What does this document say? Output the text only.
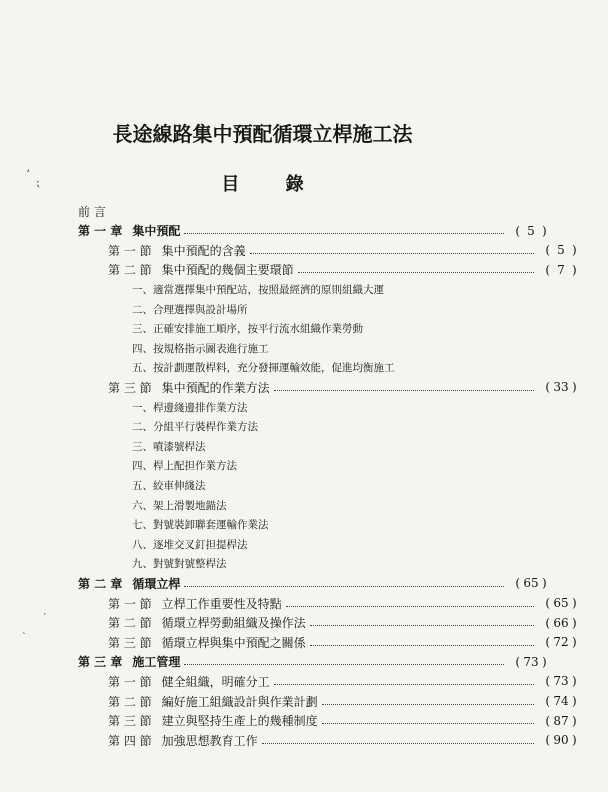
長途線路集中預配循環立桿施工法
目	錄
ʼ
⁏
˙
˴
前 言
第 一 章 集中預配	( 5 )
第 一 節 集中預配的含義	( 5 )
第 二 節 集中預配的幾個主要環節	( 7 )
一、 適當選擇集中預配站，按照最經濟的原則組織大運
二、 合理選擇與設計場所
三、 正確安排施工順序，按平行流水組織作業勞動
四、 按規格指示圖表進行施工
五、 按計劃運散桿料，充分發揮運輸效能，促進均衡施工
第 三 節 集中預配的作業方法	( 33 )
一、 桿邊綫邊排作業方法
二、 分組平行裝桿作業方法
三、 噴漆號桿法
四、 桿上配担作業方法
五、 絞車伸綫法
六、 架上滑製地錨法
七、 對號裝卸聯套運輸作業法
八、 逐堆交叉釘担提桿法
九、 對號對號整桿法
第 二 章 循環立桿	( 65 )
第 一 節 立桿工作重要性及特點	( 65 )
第 二 節 循環立桿勞動組織及操作法	( 66 )
第 三 節 循環立桿與集中預配之關係	( 72 )
第 三 章 施工管理	( 73 )
第 一 節 健全組織，明確分工	( 73 )
第 二 節 編好施工組織設計與作業計劃	( 74 )
第 三 節 建立與堅持生產上的幾種制度	( 87 )
第 四 節 加強思想教育工作	( 90 )
